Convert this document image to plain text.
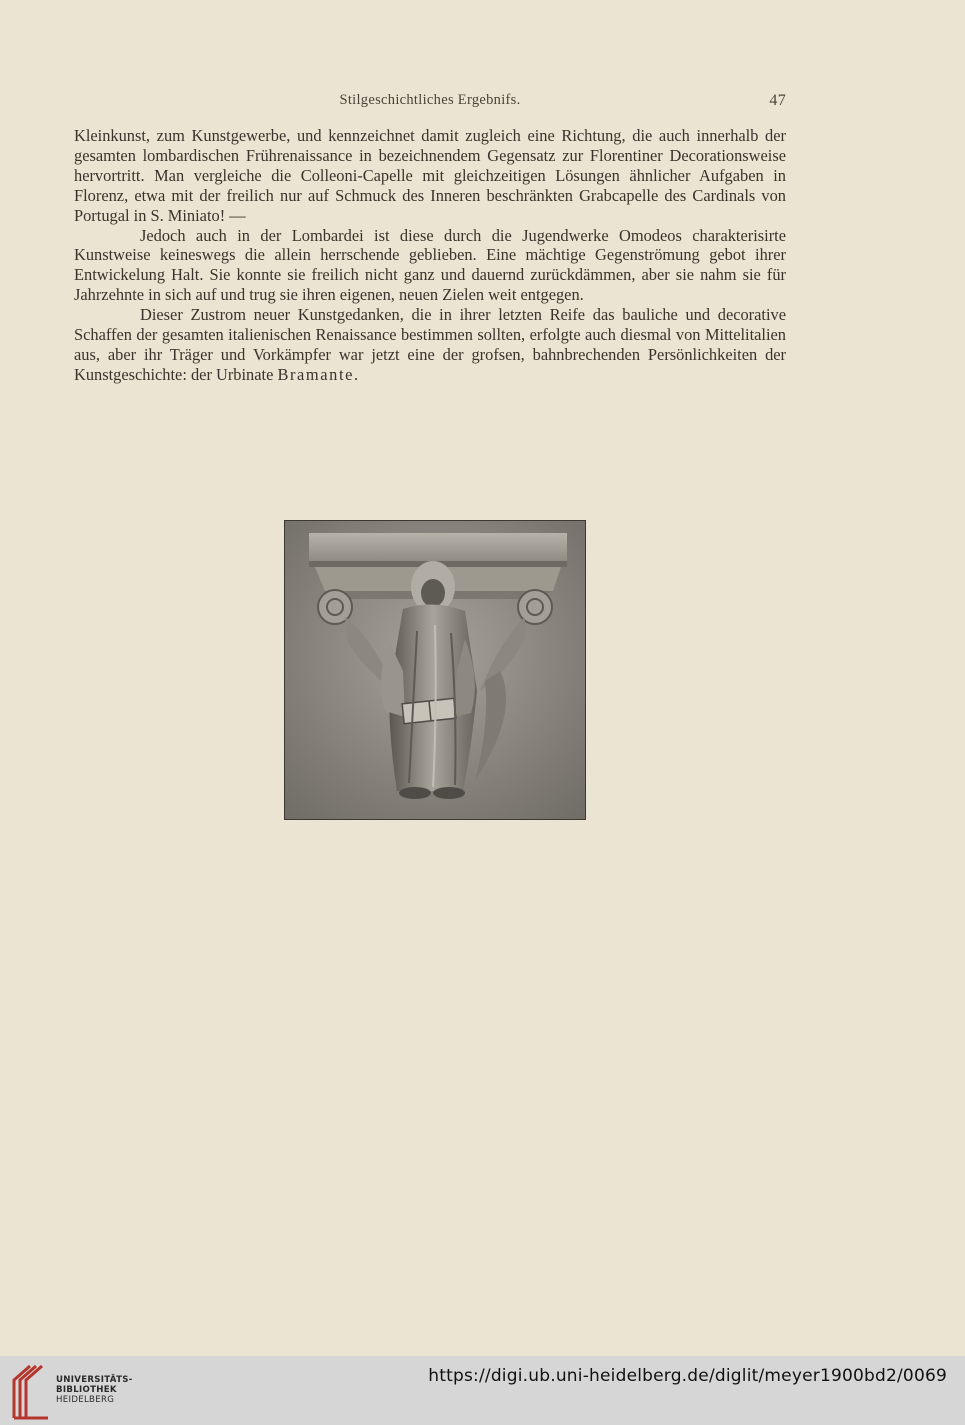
Stilgeschichtliches Ergebnifs.	47

Kleinkunst, zum Kunstgewerbe, und kennzeichnet damit zugleich eine Richtung, die auch innerhalb der gesamten lombardischen Frührenaissance in bezeichnendem Gegensatz zur Florentiner Decorationsweise hervortritt. Man vergleiche die Colleoni-Capelle mit gleichzeitigen Lösungen ähnlicher Aufgaben in Florenz, etwa mit der freilich nur auf Schmuck des Inneren beschränkten Grabcapelle des Cardinals von Portugal in S. Miniato! —

Jedoch auch in der Lombardei ist diese durch die Jugendwerke Omodeos charakterisirte Kunstweise keineswegs die allein herrschende geblieben. Eine mächtige Gegenströmung gebot ihrer Entwickelung Halt. Sie konnte sie freilich nicht ganz und dauernd zurückdämmen, aber sie nahm sie für Jahrzehnte in sich auf und trug sie ihren eigenen, neuen Zielen weit entgegen.

Dieser Zustrom neuer Kunstgedanken, die in ihrer letzten Reife das bauliche und decorative Schaffen der gesamten italienischen Renaissance bestimmen sollten, erfolgte auch diesmal von Mittelitalien aus, aber ihr Träger und Vorkämpfer war jetzt eine der grofsen, bahnbrechenden Persönlichkeiten der Kunstgeschichte: der Urbinate Bramante.

UNIVERSITÄTS-
BIBLIOTHEK
HEIDELBERG
https://digi.ub.uni-heidelberg.de/diglit/meyer1900bd2/0069
